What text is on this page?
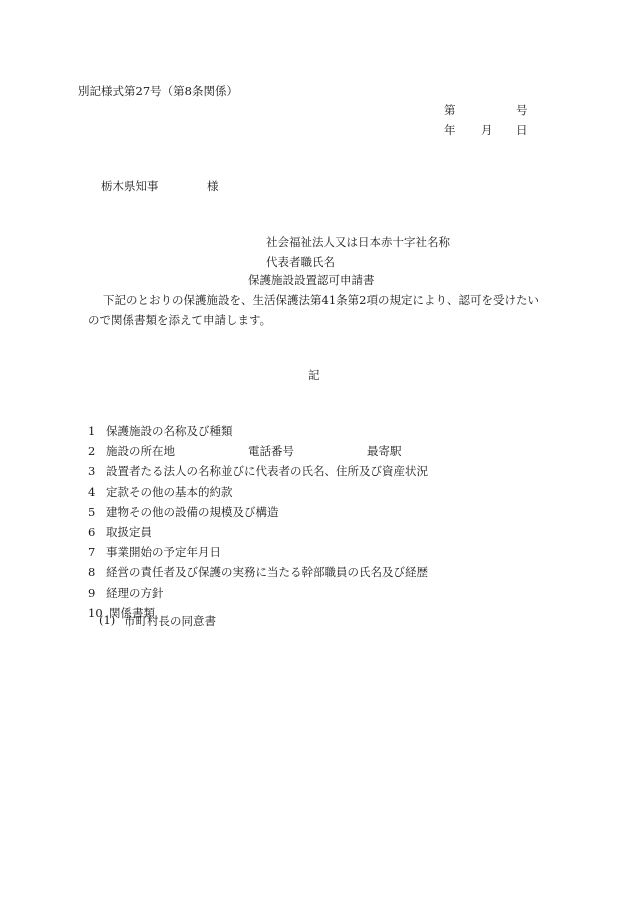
別記様式第27号（第8条関係）
第	号
年 月 日
栃木県知事	様
社会福祉法人又は日本赤十字社名称
代表者職氏名
保護施設設置認可申請書
下記のとおりの保護施設を、生活保護法第41条第2項の規定により、認可を受けたい
ので関係書類を添えて申請します。
記
1 保護施設の名称及び種類
2 施設の所在地	電話番号	最寄駅
3 設置者たる法人の名称並びに代表者の氏名、住所及び資産状況
4 定款その他の基本的約款
5 建物その他の設備の規模及び構造
6 取扱定員
7 事業開始の予定年月日
8 経営の責任者及び保護の実務に当たる幹部職員の氏名及び経歴
9 経理の方針
10 関係書類
(1) 市町村長の同意書
